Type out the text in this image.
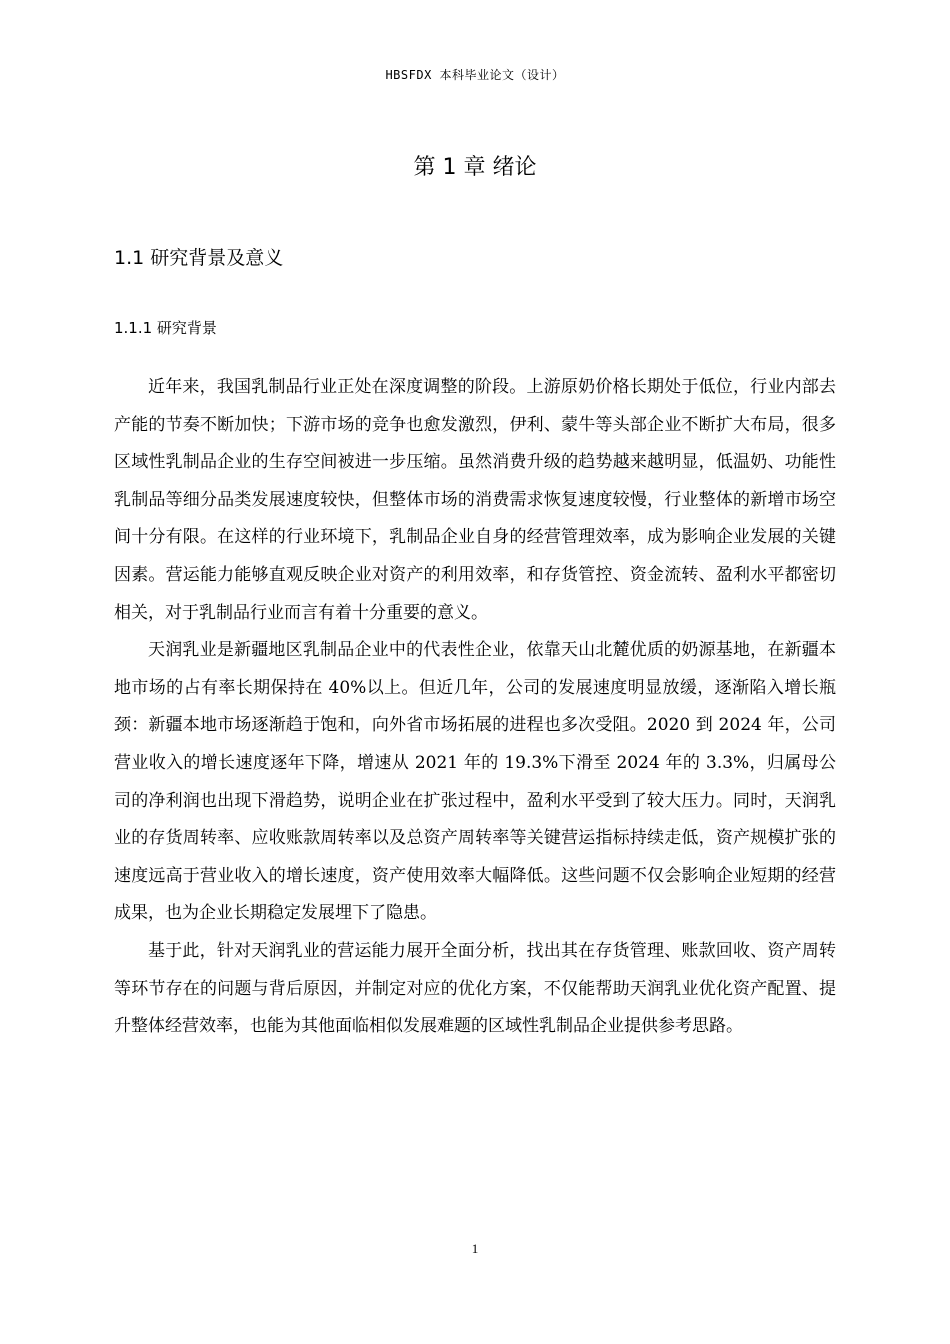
HBSFDX 本科毕业论文（设计）
第 1 章 绪论
1.1 研究背景及意义
1.1.1 研究背景

近年来，我国乳制品行业正处在深度调整的阶段。上游原奶价格长期处于低位，行业内部去产能的节奏不断加快；下游市场的竞争也愈发激烈，伊利、蒙牛等头部企业不断扩大布局，很多区域性乳制品企业的生存空间被进一步压缩。虽然消费升级的趋势越来越明显，低温奶、功能性乳制品等细分品类发展速度较快，但整体市场的消费需求恢复速度较慢，行业整体的新增市场空间十分有限。在这样的行业环境下，乳制品企业自身的经营管理效率，成为影响企业发展的关键因素。营运能力能够直观反映企业对资产的利用效率，和存货管控、资金流转、盈利水平都密切相关，对于乳制品行业而言有着十分重要的意义。

天润乳业是新疆地区乳制品企业中的代表性企业，依靠天山北麓优质的奶源基地，在新疆本地市场的占有率长期保持在 40%以上。但近几年，公司的发展速度明显放缓，逐渐陷入增长瓶颈：新疆本地市场逐渐趋于饱和，向外省市场拓展的进程也多次受阻。2020 到 2024 年，公司营业收入的增长速度逐年下降，增速从 2021 年的 19.3%下滑至 2024 年的 3.3%，归属母公司的净利润也出现下滑趋势，说明企业在扩张过程中，盈利水平受到了较大压力。同时，天润乳业的存货周转率、应收账款周转率以及总资产周转率等关键营运指标持续走低，资产规模扩张的速度远高于营业收入的增长速度，资产使用效率大幅降低。这些问题不仅会影响企业短期的经营成果，也为企业长期稳定发展埋下了隐患。

基于此，针对天润乳业的营运能力展开全面分析，找出其在存货管理、账款回收、资产周转等环节存在的问题与背后原因，并制定对应的优化方案，不仅能帮助天润乳业优化资产配置、提升整体经营效率，也能为其他面临相似发展难题的区域性乳制品企业提供参考思路。

1
